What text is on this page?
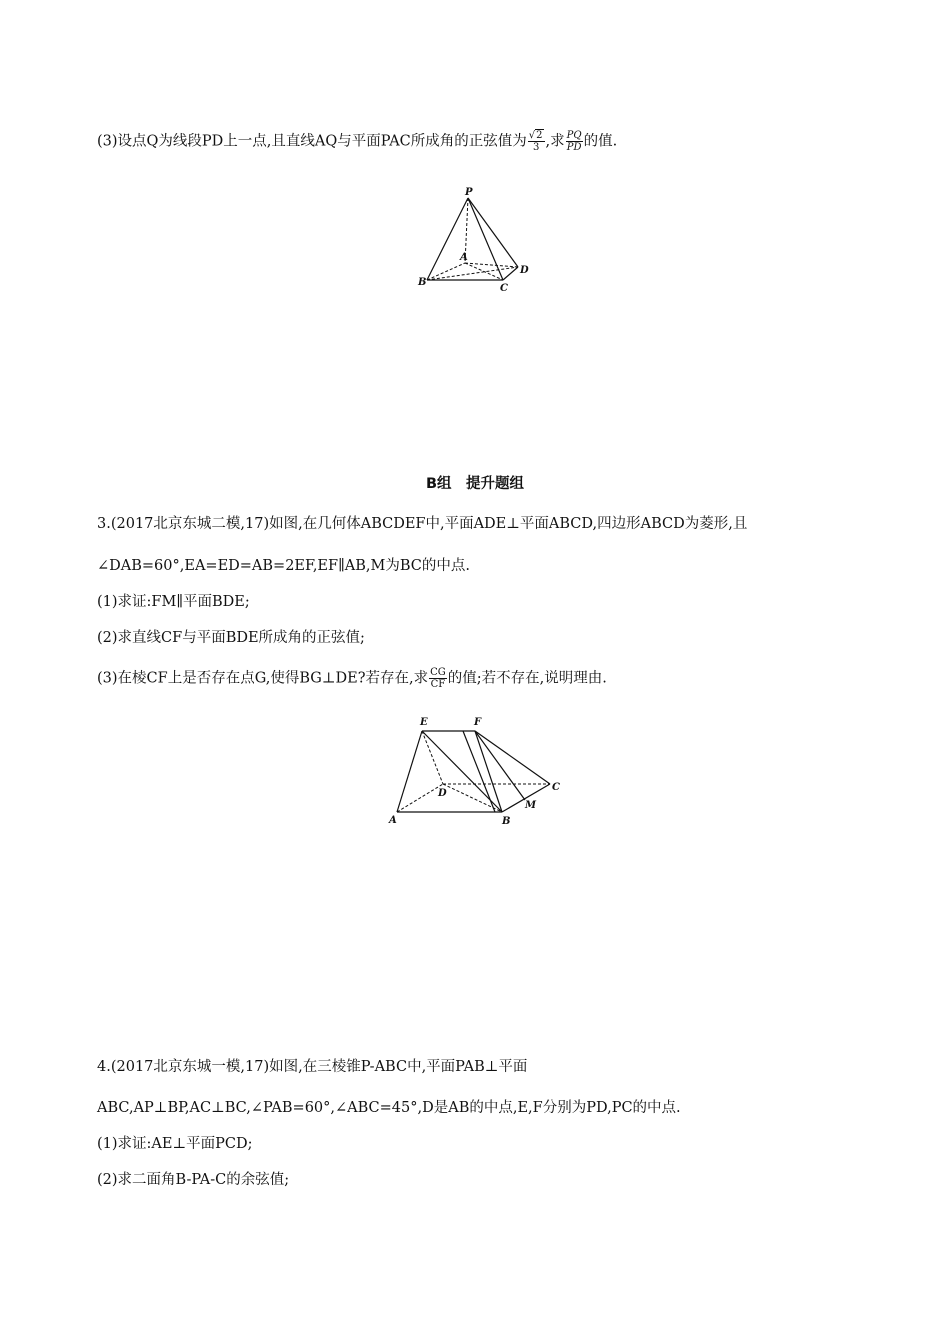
(3)设点Q为线段PD上一点,且直线AQ与平面PAC所成角的正弦值为 $\frac{√2}{3}$ ,求 $\frac{PQ}{PD}$ 的值.
P
A
B
C
D
B组　提升题组
3.(2017北京东城二模,17)如图,在几何体ABCDEF中,平面ADE⊥平面ABCD,四边形ABCD为菱形,且
∠DAB=60°,EA=ED=AB=2EF,EF∥AB,M为BC的中点.
(1)求证:FM∥平面BDE;
(2)求直线CF与平面BDE所成角的正弦值;
(3)在棱CF上是否存在点G,使得BG⊥DE?若存在,求 $\frac{CG}{CF}$ 的值;若不存在,说明理由.
E	F
D
C
M
A	B
4.(2017北京东城一模,17)如图,在三棱锥P-ABC中,平面PAB⊥平面
ABC,AP⊥BP,AC⊥BC,∠PAB=60°,∠ABC=45°,D是AB的中点,E,F分别为PD,PC的中点.
(1)求证:AE⊥平面PCD;
(2)求二面角B-PA-C的余弦值;
